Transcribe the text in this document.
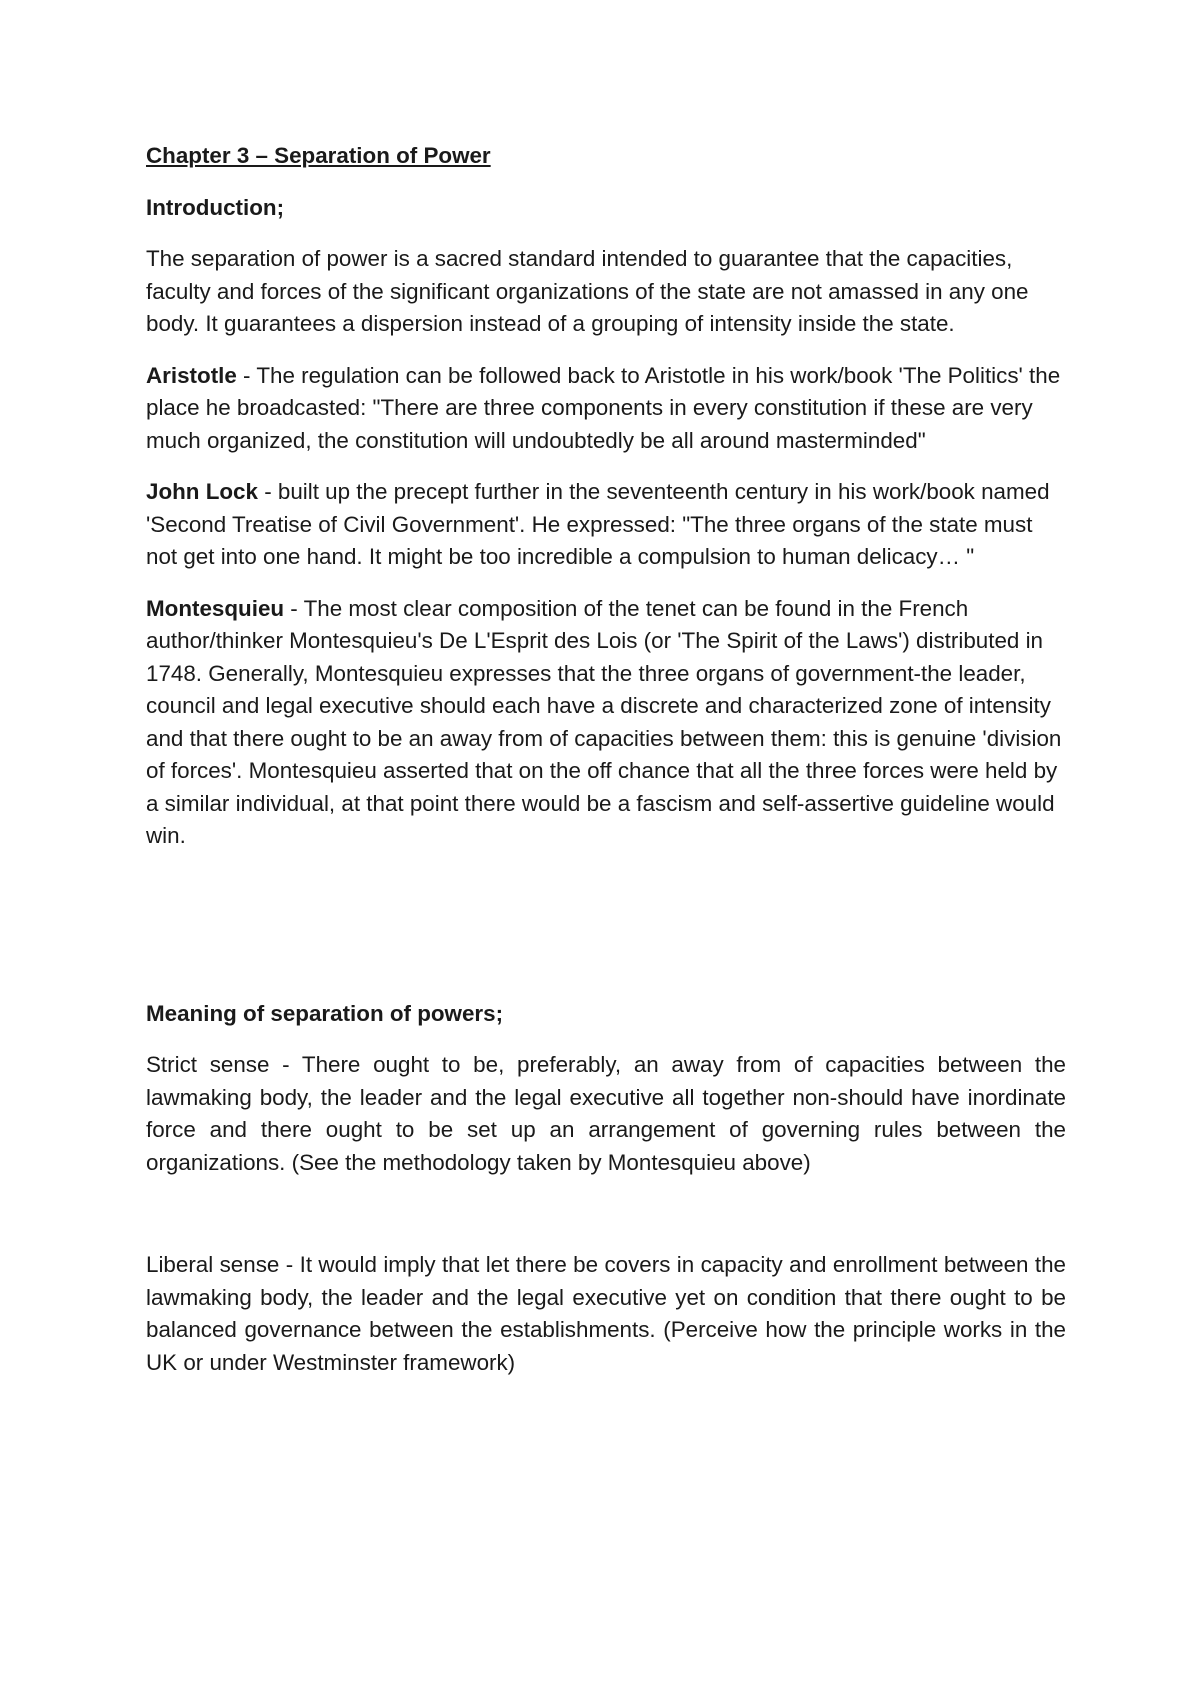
Chapter 3 – Separation of Power
Introduction;

The separation of power is a sacred standard intended to guarantee that the capacities, faculty and forces of the significant organizations of the state are not amassed in any one body. It guarantees a dispersion instead of a grouping of intensity inside the state.

Aristotle - The regulation can be followed back to Aristotle in his work/book 'The Politics' the place he broadcasted: "There are three components in every constitution if these are very much organized, the constitution will undoubtedly be all around masterminded"

John Lock - built up the precept further in the seventeenth century in his work/book named 'Second Treatise of Civil Government'. He expressed: "The three organs of the state must not get into one hand. It might be too incredible a compulsion to human delicacy… "

Montesquieu - The most clear composition of the tenet can be found in the French author/thinker Montesquieu's De L'Esprit des Lois (or 'The Spirit of the Laws') distributed in 1748. Generally, Montesquieu expresses that the three organs of government-the leader, council and legal executive should each have a discrete and characterized zone of intensity and that there ought to be an away from of capacities between them: this is genuine 'division of forces'. Montesquieu asserted that on the off chance that all the three forces were held by a similar individual, at that point there would be a fascism and self-assertive guideline would win.

Meaning of separation of powers;

Strict sense - There ought to be, preferably, an away from of capacities between the lawmaking body, the leader and the legal executive all together non-should have inordinate force and there ought to be set up an arrangement of governing rules between the organizations. (See the methodology taken by Montesquieu above)

Liberal sense - It would imply that let there be covers in capacity and enrollment between the lawmaking body, the leader and the legal executive yet on condition that there ought to be balanced governance between the establishments. (Perceive how the principle works in the UK or under Westminster framework)
